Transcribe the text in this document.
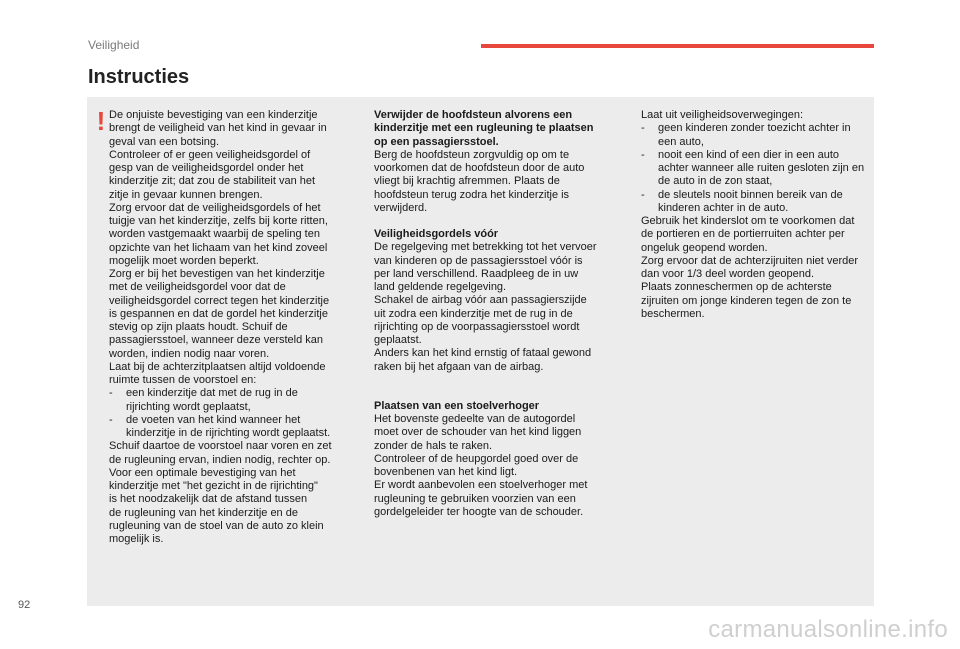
Veiligheid
Instructies
! De onjuiste bevestiging van een kinderzitje

brengt de veiligheid van het kind in gevaar in

geval van een botsing.

Controleer of er geen veiligheidsgordel of

gesp van de veiligheidsgordel onder het

kinderzitje zit; dat zou de stabiliteit van het

zitje in gevaar kunnen brengen.

Zorg ervoor dat de veiligheidsgordels of het

tuigje van het kinderzitje, zelfs bij korte ritten,

worden vastgemaakt waarbij de speling ten

opzichte van het lichaam van het kind zoveel

mogelijk moet worden beperkt.

Zorg er bij het bevestigen van het kinderzitje

met de veiligheidsgordel voor dat de

veiligheidsgordel correct tegen het kinderzitje

is gespannen en dat de gordel het kinderzitje

stevig op zijn plaats houdt. Schuif de

passagiersstoel, wanneer deze versteld kan

worden, indien nodig naar voren.

Laat bij de achterzitplaatsen altijd voldoende

ruimte tussen de voorstoel en:

- een kinderzitje dat met de rug in de

rijrichting wordt geplaatst,

- de voeten van het kind wanneer het

kinderzitje in de rijrichting wordt geplaatst.

Schuif daartoe de voorstoel naar voren en zet

de rugleuning ervan, indien nodig, rechter op.

Voor een optimale bevestiging van het

kinderzitje met "het gezicht in de rijrichting"

is het noodzakelijk dat de afstand tussen

de rugleuning van het kinderzitje en de

rugleuning van de stoel van de auto zo klein

mogelijk is.

Verwijder de hoofdsteun alvorens een

kinderzitje met een rugleuning te plaatsen

op een passagiersstoel.

Berg de hoofdsteun zorgvuldig op om te

voorkomen dat de hoofdsteun door de auto

vliegt bij krachtig afremmen. Plaats de

hoofdsteun terug zodra het kinderzitje is

verwijderd.

Veiligheidsgordels vóór

De regelgeving met betrekking tot het vervoer

van kinderen op de passagiersstoel vóór is

per land verschillend. Raadpleeg de in uw

land geldende regelgeving.

Schakel de airbag vóór aan passagierszijde

uit zodra een kinderzitje met de rug in de

rijrichting op de voorpassagiersstoel wordt

geplaatst.

Anders kan het kind ernstig of fataal gewond

raken bij het afgaan van de airbag.

Plaatsen van een stoelverhoger

Het bovenste gedeelte van de autogordel

moet over de schouder van het kind liggen

zonder de hals te raken.

Controleer of de heupgordel goed over de

bovenbenen van het kind ligt.

Er wordt aanbevolen een stoelverhoger met

rugleuning te gebruiken voorzien van een

gordelgeleider ter hoogte van de schouder.

Laat uit veiligheidsoverwegingen:

- geen kinderen zonder toezicht achter in

een auto,

- nooit een kind of een dier in een auto

achter wanneer alle ruiten gesloten zijn en

de auto in de zon staat,

- de sleutels nooit binnen bereik van de

kinderen achter in de auto.

Gebruik het kinderslot om te voorkomen dat

de portieren en de portierruiten achter per

ongeluk geopend worden.

Zorg ervoor dat de achterzijruiten niet verder

dan voor 1/3 deel worden geopend.

Plaats zonneschermen op de achterste

zijruiten om jonge kinderen tegen de zon te

beschermen.

92
carmanualsonline.info
